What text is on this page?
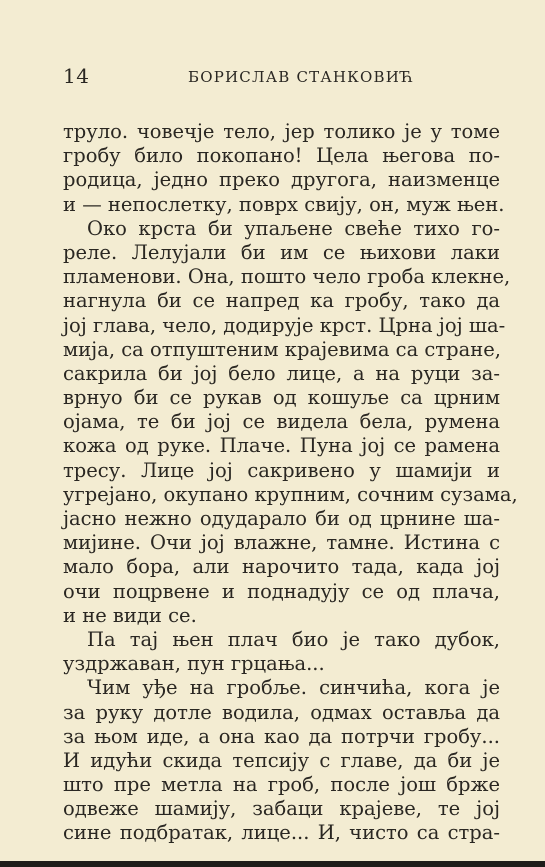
14	БОРИСЛАВ СТАНКОВИЋ
труло. човечје тело, јер толико је у томе
гробу било покопано! Цела његова по-
родица, једно преко другога, наизменце
и — непослетку, поврх свију, он, муж њен.
Око крста би упаљене свеће тихо го-
реле. Лелујали би им се њихови лаки
пламенови. Она, пошто чело гроба клекне,
нагнула би се напред ка гробу, тако да
јој глава, чело, додирује крст. Црна јој ша-
мија, са отпуштеним крајевима са стране,
сакрила би јој бело лице, а на руци за-
врнуо би се рукав од кошуље са црним
ојама, те би јој се видела бела, румена
кожа од руке. Плаче. Пуна јој се рамена
тресу. Лице јој сакривено у шамији и
угрејано, окупано крупним, сочним сузама,
јасно нежно одударало би од црнине ша-
мијине. Очи јој влажне, тамне. Истина с
мало бора, али нарочито тада, када јој
очи поцрвене и поднадују се од плача,
и не види се.
Па тај њен плач био је тако дубок,
уздржаван, пун грцања...
Чим уђе на гробље. синчића, кога је
за руку дотле водила, одмах оставља да
за њом иде, а она као да потрчи гробу...
И идући скида тепсију с главе, да би је
што пре метла на гроб, после још брже
одвеже шамију, забаци крајеве, те јој
сине подбратак, лице... И, чисто са стра-
